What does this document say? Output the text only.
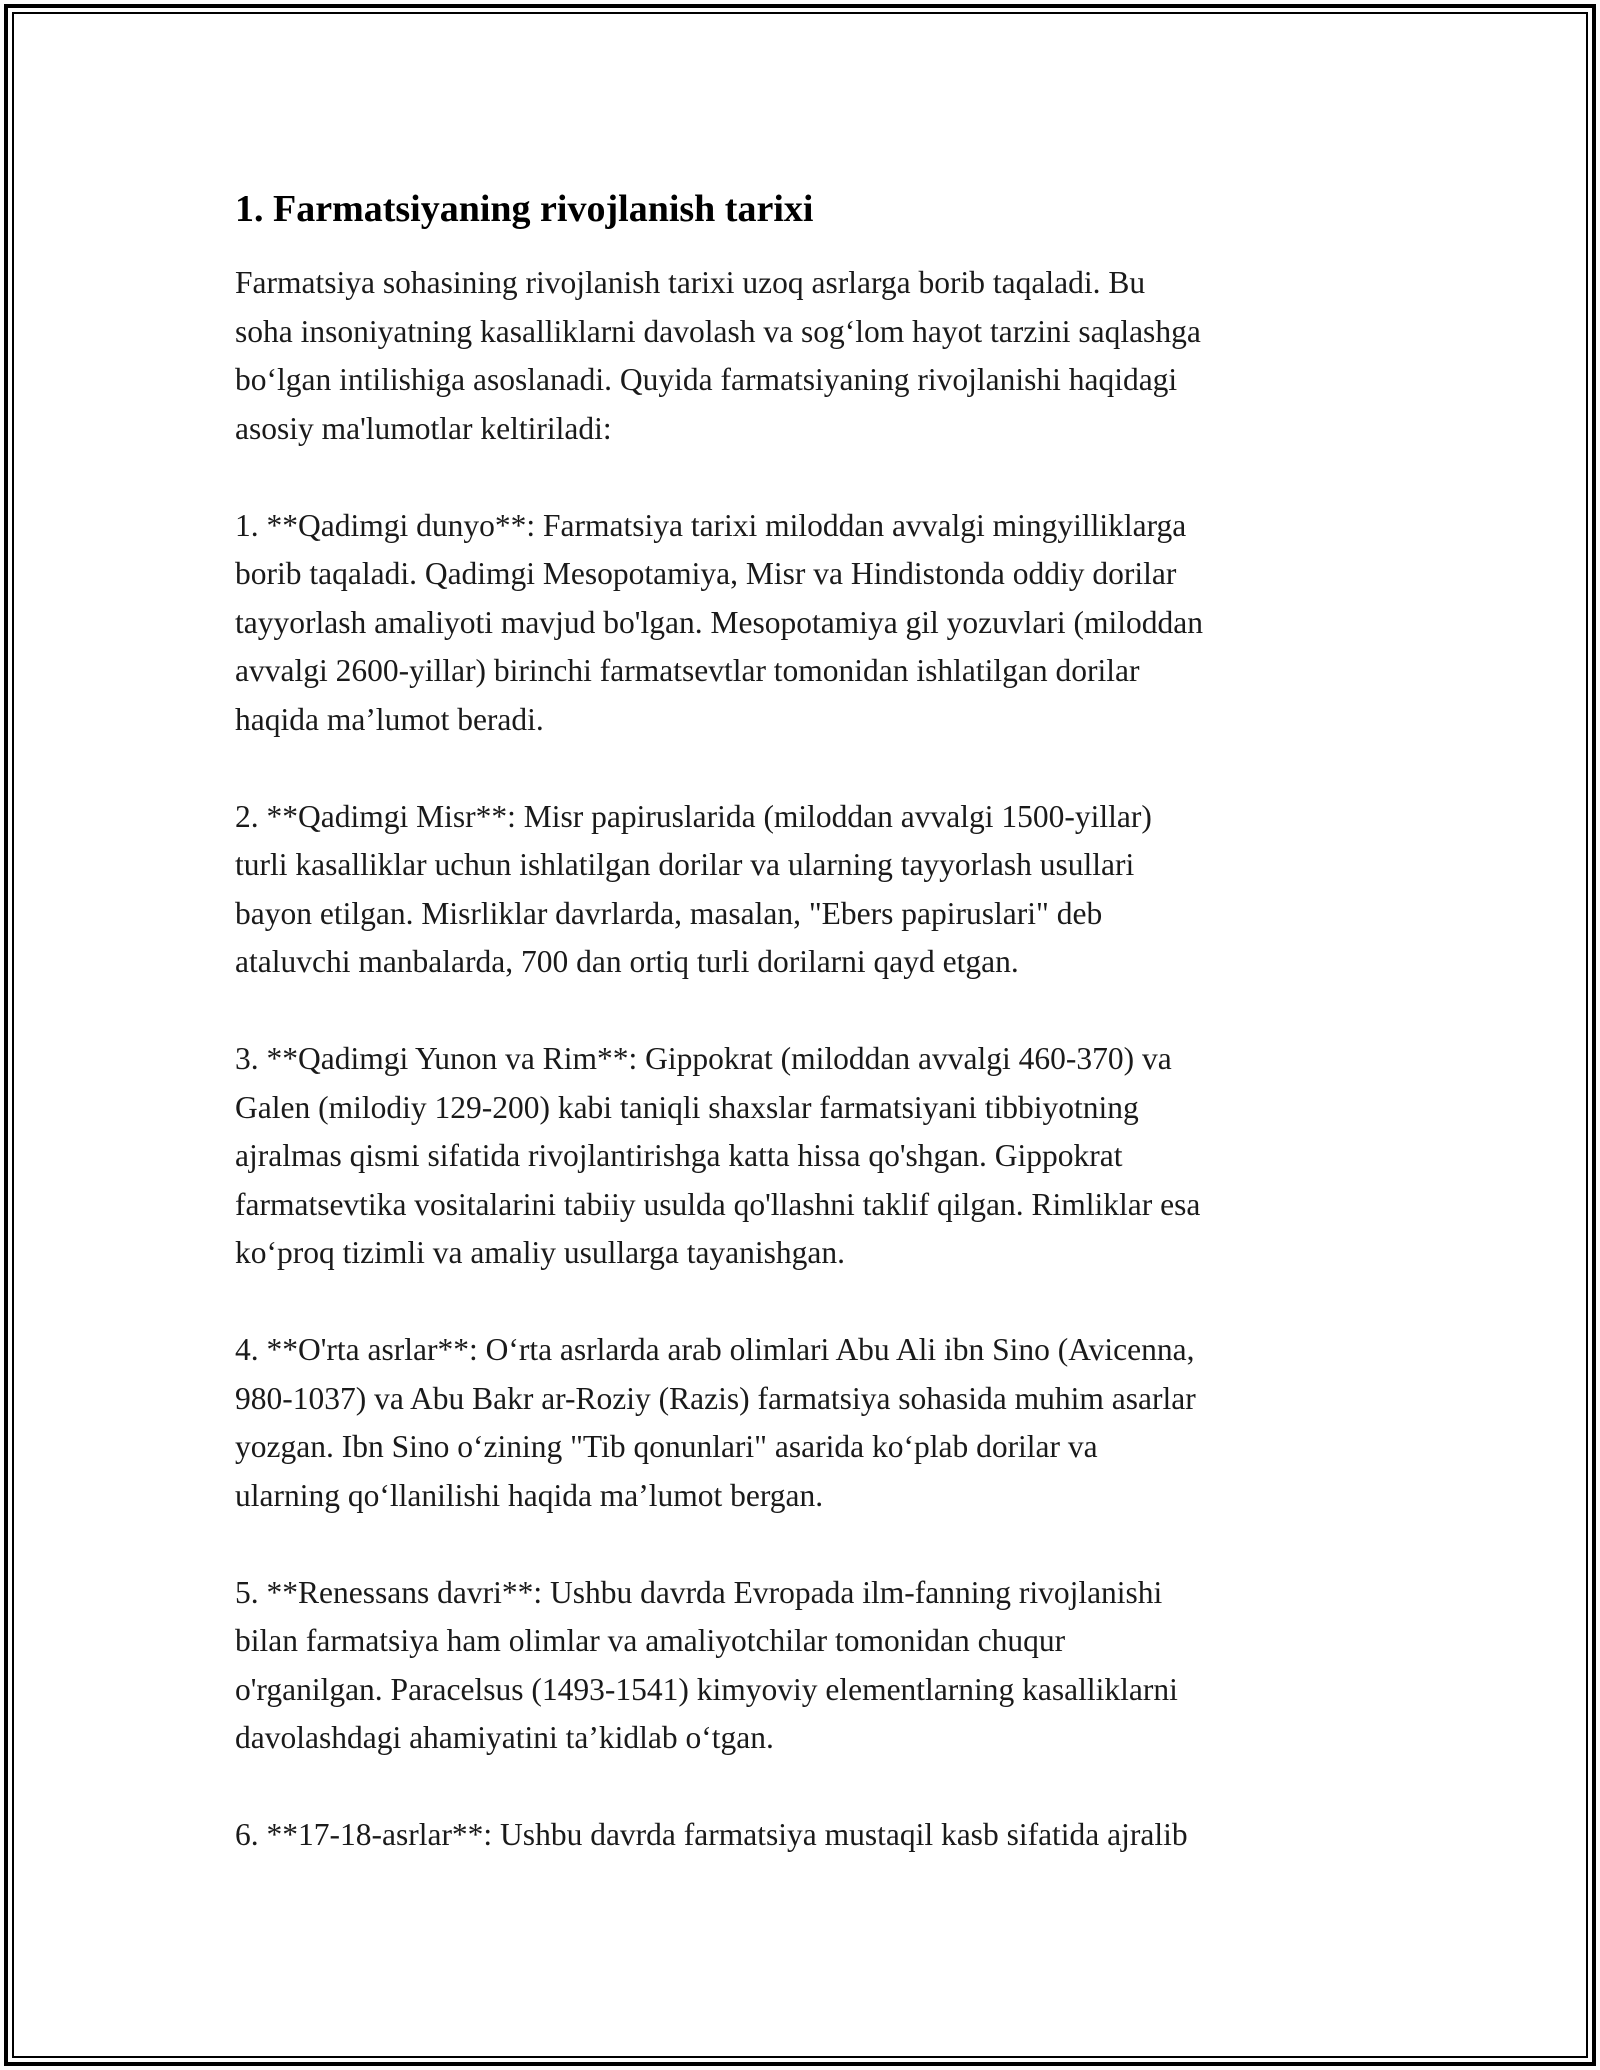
1. Farmatsiyaning rivojlanish tarixi

Farmatsiya sohasining rivojlanish tarixi uzoq asrlarga borib taqaladi. Bu
soha insoniyatning kasalliklarni davolash va sog‘lom hayot tarzini saqlashga
bo‘lgan intilishiga asoslanadi. Quyida farmatsiyaning rivojlanishi haqidagi
asosiy ma'lumotlar keltiriladi:

1. **Qadimgi dunyo**: Farmatsiya tarixi miloddan avvalgi mingyilliklarga
borib taqaladi. Qadimgi Mesopotamiya, Misr va Hindistonda oddiy dorilar
tayyorlash amaliyoti mavjud bo'lgan. Mesopotamiya gil yozuvlari (miloddan
avvalgi 2600-yillar) birinchi farmatsevtlar tomonidan ishlatilgan dorilar
haqida ma’lumot beradi.

2. **Qadimgi Misr**: Misr papiruslarida (miloddan avvalgi 1500-yillar)
turli kasalliklar uchun ishlatilgan dorilar va ularning tayyorlash usullari
bayon etilgan. Misrliklar davrlarda, masalan, "Ebers papiruslari" deb
ataluvchi manbalarda, 700 dan ortiq turli dorilarni qayd etgan.

3. **Qadimgi Yunon va Rim**: Gippokrat (miloddan avvalgi 460-370) va
Galen (milodiy 129-200) kabi taniqli shaxslar farmatsiyani tibbiyotning
ajralmas qismi sifatida rivojlantirishga katta hissa qo'shgan. Gippokrat
farmatsevtika vositalarini tabiiy usulda qo'llashni taklif qilgan. Rimliklar esa
ko‘proq tizimli va amaliy usullarga tayanishgan.

4. **O'rta asrlar**: O‘rta asrlarda arab olimlari Abu Ali ibn Sino (Avicenna,
980-1037) va Abu Bakr ar-Roziy (Razis) farmatsiya sohasida muhim asarlar
yozgan. Ibn Sino o‘zining "Tib qonunlari" asarida ko‘plab dorilar va
ularning qo‘llanilishi haqida ma’lumot bergan.

5. **Renessans davri**: Ushbu davrda Evropada ilm-fanning rivojlanishi
bilan farmatsiya ham olimlar va amaliyotchilar tomonidan chuqur
o'rganilgan. Paracelsus (1493-1541) kimyoviy elementlarning kasalliklarni
davolashdagi ahamiyatini ta’kidlab o‘tgan.

6. **17-18-asrlar**: Ushbu davrda farmatsiya mustaqil kasb sifatida ajralib
